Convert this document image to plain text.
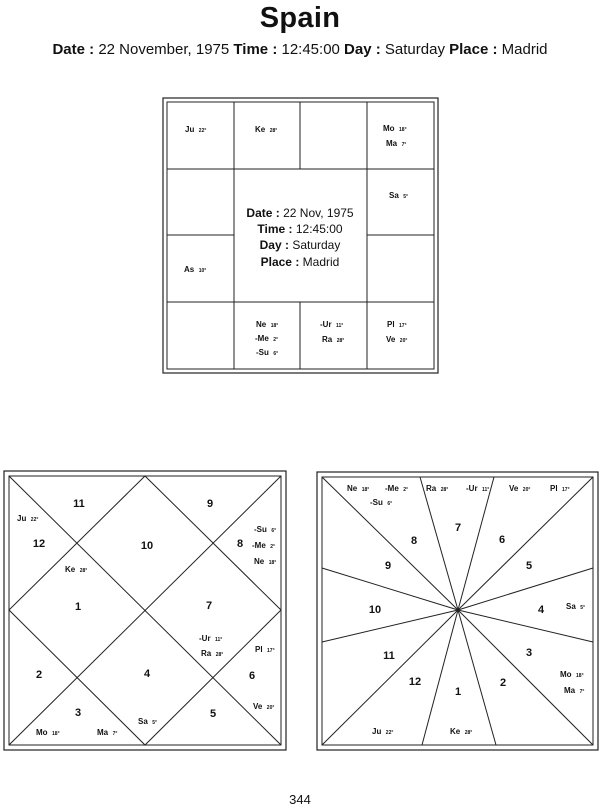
Spain
Date : 22 November, 1975 Time : 12:45:00 Day : Saturday Place : Madrid
Date : 22 Nov, 1975
Time : 12:45:00
Day : Saturday
Place : Madrid
Ju 22°	Ke 28°	Mo 18°
Ma 7°
Sa 5°
As 10°
Ne 18°
-Me 2°
-Su 6°
-Ur 11°
Ra 28°
Pl 17°
Ve 20°
1
2
3
4
5
6
7
8
9
10
11
12
Ju 22°
Ke 28°
-Su 6°
-Me 2°
Ne 18°
-Ur 11°
Ra 28°
Pl 17°
Ve 20°
Mo 18°	Ma 7°
Sa 5°
1
2
3
4
5
6
7
8
9
10
11
12
Ne 18° -Me 2°
-Su 6°
Ra 28° -Ur 11° Ve 20° Pl 17°
Sa 5°
Mo 18°
Ma 7°
Ke 28°
Ju 22°
344
